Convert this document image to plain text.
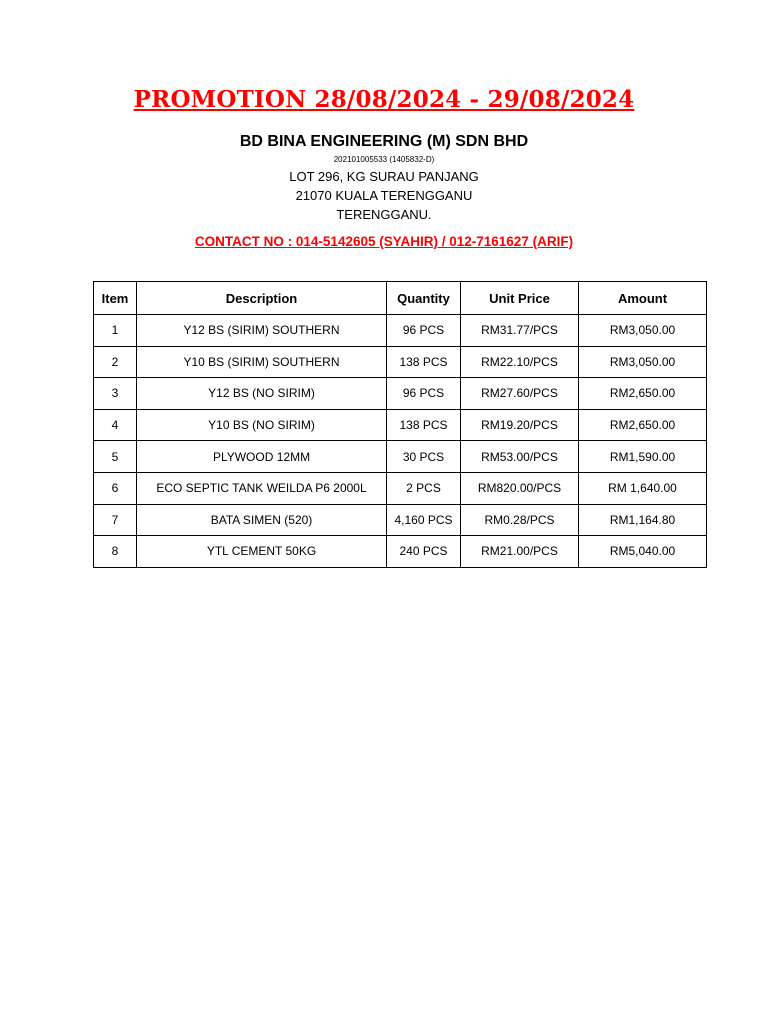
PROMOTION 28/08/2024 - 29/08/2024
BD BINA ENGINEERING (M) SDN BHD
202101005533 (1405832-D)
LOT 296, KG SURAU PANJANG
21070 KUALA TERENGGANU
TERENGGANU.
CONTACT NO : 014-5142605 (SYAHIR) / 012-7161627 (ARIF)
Item	Description	Quantity	Unit Price	Amount
1	Y12 BS (SIRIM) SOUTHERN	96 PCS	RM31.77/PCS	RM3,050.00
2	Y10 BS (SIRIM) SOUTHERN	138 PCS	RM22.10/PCS	RM3,050.00
3	Y12 BS (NO SIRIM)	96 PCS	RM27.60/PCS	RM2,650.00
4	Y10 BS (NO SIRIM)	138 PCS	RM19.20/PCS	RM2,650.00
5	PLYWOOD 12MM	30 PCS	RM53.00/PCS	RM1,590.00
6	ECO SEPTIC TANK WEILDA P6 2000L	2 PCS	RM820.00/PCS	RM 1,640.00
7	BATA SIMEN (520)	4,160 PCS	RM0.28/PCS	RM1,164.80
8	YTL CEMENT 50KG	240 PCS	RM21.00/PCS	RM5,040.00
